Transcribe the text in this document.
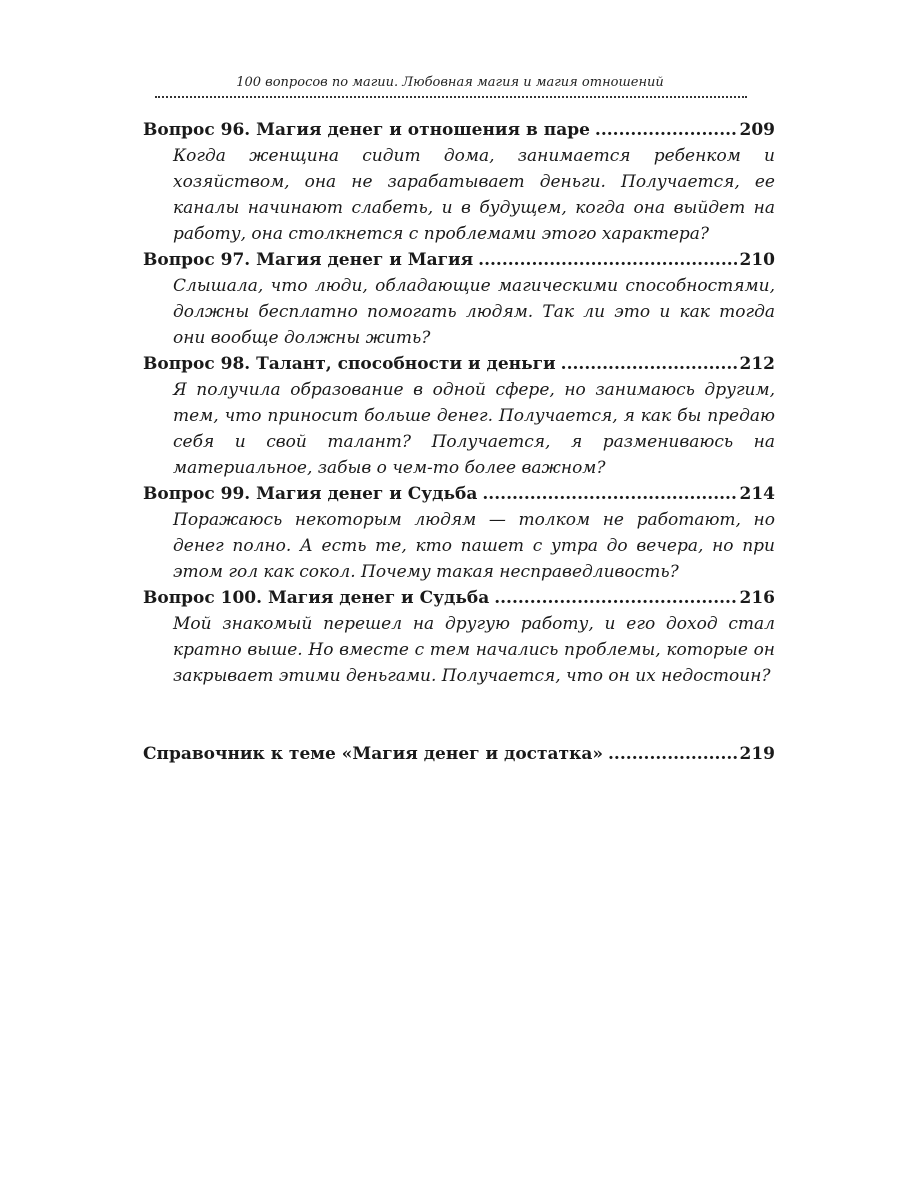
100 вопросов по магии. Любовная магия и магия отношений
Вопрос 96. Магия денег и отношения в паре .....	209

Когда женщина сидит дома, занимается ребенком и хозяйством, она не зарабатывает деньги. Получается, ее каналы начинают слабеть, и в будущем, когда она выйдет на работу, она столкнется с проблемами этого характера?

Вопрос 97. Магия денег и Магия .....	210

Слышала, что люди, обладающие магическими способностями, должны бесплатно помогать людям. Так ли это и как тогда они вообще должны жить?

Вопрос 98. Талант, способности и деньги .....	212

Я получила образование в одной сфере, но занимаюсь другим, тем, что приносит больше денег. Получается, я как бы предаю себя и свой талант? Получается, я размениваюсь на материальное, забыв о чем-то более важном?

Вопрос 99. Магия денег и Судьба .....	214

Поражаюсь некоторым людям — толком не работают, но денег полно. А есть те, кто пашет с утра до вечера, но при этом гол как сокол. Почему такая несправедливость?

Вопрос 100. Магия денег и Судьба .....	216

Мой знакомый перешел на другую работу, и его доход стал кратно выше. Но вместе с тем начались проблемы, которые он закрывает этими деньгами. Получается, что он их недостоин?

Справочник к теме «Магия денег и достатка» .....	219
